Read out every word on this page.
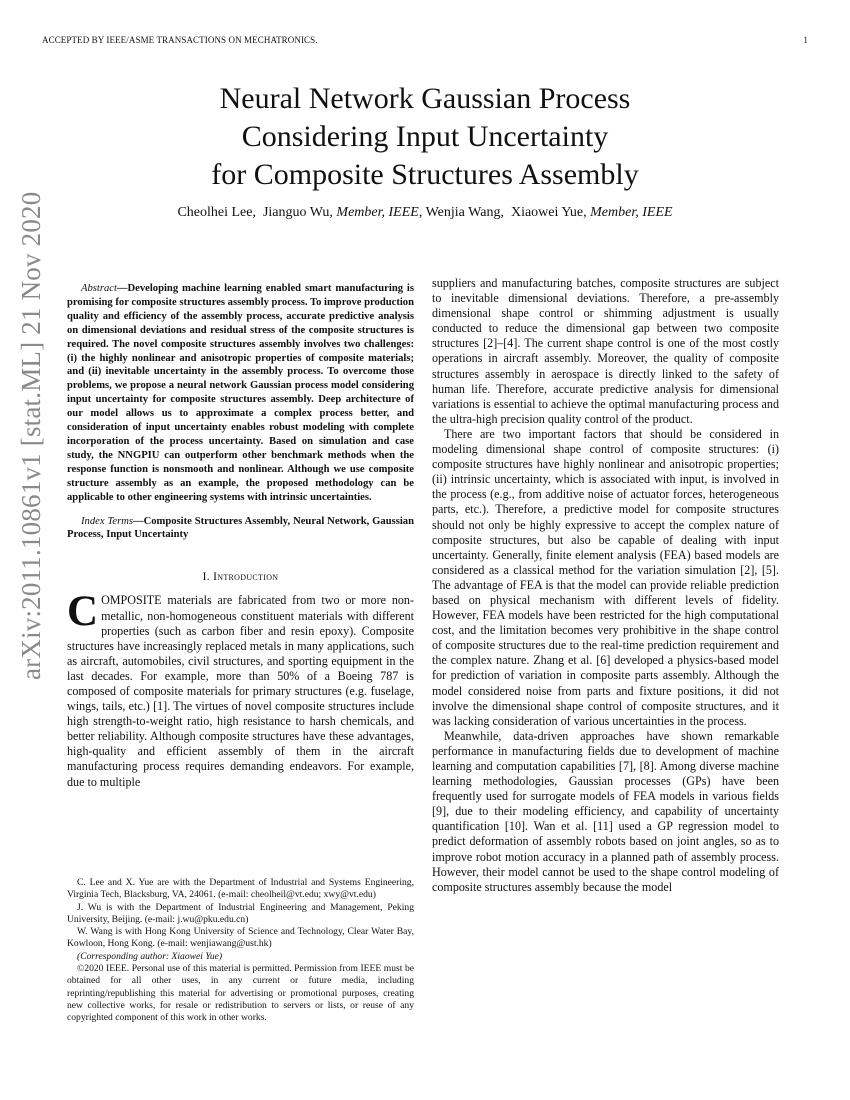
ACCEPTED BY IEEE/ASME TRANSACTIONS ON MECHATRONICS.	1
Neural Network Gaussian Process
Considering Input Uncertainty
for Composite Structures Assembly
Cheolhei Lee, Jianguo Wu, Member, IEEE, Wenjia Wang, Xiaowei Yue, Member, IEEE
arXiv:2011.10861v1 [stat.ML] 21 Nov 2020	Abstract—Developing machine learning enabled smart manufacturing is promising for composite structures assembly process. To improve production quality and efficiency of the assembly process, accurate predictive analysis on dimensional deviations and residual stress of the composite structures is required. The novel composite structures assembly involves two challenges: (i) the highly nonlinear and anisotropic properties of composite materials; and (ii) inevitable uncertainty in the assembly process. To overcome those problems, we propose a neural network Gaussian process model considering input uncertainty for composite structures assembly. Deep architecture of our model allows us to approximate a complex process better, and consideration of input uncertainty enables robust modeling with complete incorporation of the process uncertainty. Based on simulation and case study, the NNGPIU can outperform other benchmark methods when the response function is nonsmooth and nonlinear. Although we use composite structure assembly as an example, the proposed methodology can be applicable to other engineering systems with intrinsic uncertainties.

Index Terms—Composite Structures Assembly, Neural Network, Gaussian Process, Input Uncertainty

I. Introduction

COMPOSITE materials are fabricated from two or more non-metallic, non-homogeneous constituent materials with different properties (such as carbon fiber and resin epoxy). Composite structures have increasingly replaced metals in many applications, such as aircraft, automobiles, civil structures, and sporting equipment in the last decades. For example, more than 50% of a Boeing 787 is composed of composite materials for primary structures (e.g. fuselage, wings, tails, etc.) [1]. The virtues of novel composite structures include high strength-to-weight ratio, high resistance to harsh chemicals, and better reliability. Although composite structures have these advantages, high-quality and efficient assembly of them in the aircraft manufacturing process requires demanding endeavors. For example, due to multiple

C. Lee and X. Yue are with the Department of Industrial and Systems Engineering, Virginia Tech, Blacksburg, VA, 24061. (e-mail: cheolheil@vt.edu; xwy@vt.edu)

J. Wu is with the Department of Industrial Engineering and Management, Peking University, Beijing. (e-mail: j.wu@pku.edu.cn)

W. Wang is with Hong Kong University of Science and Technology, Clear Water Bay, Kowloon, Hong Kong. (e-mail: wenjiawang@ust.hk)

(Corresponding author: Xiaowei Yue)

©2020 IEEE. Personal use of this material is permitted. Permission from IEEE must be obtained for all other uses, in any current or future media, including reprinting/republishing this material for advertising or promotional purposes, creating new collective works, for resale or redistribution to servers or lists, or reuse of any copyrighted component of this work in other works.

suppliers and manufacturing batches, composite structures are subject to inevitable dimensional deviations. Therefore, a pre-assembly dimensional shape control or shimming adjustment is usually conducted to reduce the dimensional gap between two composite structures [2]–[4]. The current shape control is one of the most costly operations in aircraft assembly. Moreover, the quality of composite structures assembly in aerospace is directly linked to the safety of human life. Therefore, accurate predictive analysis for dimensional variations is essential to achieve the optimal manufacturing process and the ultra-high precision quality control of the product.

There are two important factors that should be considered in modeling dimensional shape control of composite structures: (i) composite structures have highly nonlinear and anisotropic properties; (ii) intrinsic uncertainty, which is associated with input, is involved in the process (e.g., from additive noise of actuator forces, heterogeneous parts, etc.). Therefore, a predictive model for composite structures should not only be highly expressive to accept the complex nature of composite structures, but also be capable of dealing with input uncertainty. Generally, finite element analysis (FEA) based models are considered as a classical method for the variation simulation [2], [5]. The advantage of FEA is that the model can provide reliable prediction based on physical mechanism with different levels of fidelity. However, FEA models have been restricted for the high computational cost, and the limitation becomes very prohibitive in the shape control of composite structures due to the real-time prediction requirement and the complex nature. Zhang et al. [6] developed a physics-based model for prediction of variation in composite parts assembly. Although the model considered noise from parts and fixture positions, it did not involve the dimensional shape control of composite structures, and it was lacking consideration of various uncertainties in the process.

Meanwhile, data-driven approaches have shown remarkable performance in manufacturing fields due to development of machine learning and computation capabilities [7], [8]. Among diverse machine learning methodologies, Gaussian processes (GPs) have been frequently used for surrogate models of FEA models in various fields [9], due to their modeling efficiency, and capability of uncertainty quantification [10]. Wan et al. [11] used a GP regression model to predict deformation of assembly robots based on joint angles, so as to improve robot motion accuracy in a planned path of assembly process. However, their model cannot be used to the shape control modeling of composite structures assembly because the model
